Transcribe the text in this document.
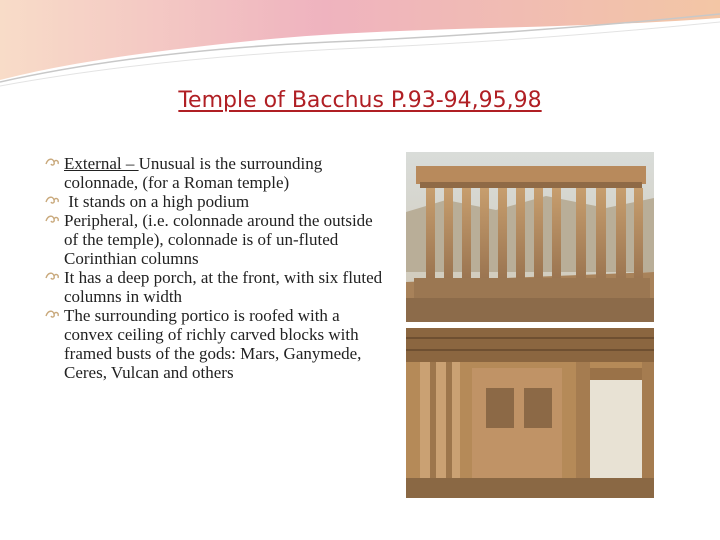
Temple of Bacchus P.93-94,95,98
External – Unusual is the surrounding colonnade, (for a Roman temple)
It stands on a high podium
Peripheral, (i.e. colonnade around the outside of the temple), colonnade is of un-fluted Corinthian columns
It has a deep porch, at the front, with six fluted columns in width
The surrounding portico is roofed with a convex ceiling of richly carved blocks with framed busts of the gods: Mars, Ganymede, Ceres, Vulcan and others
